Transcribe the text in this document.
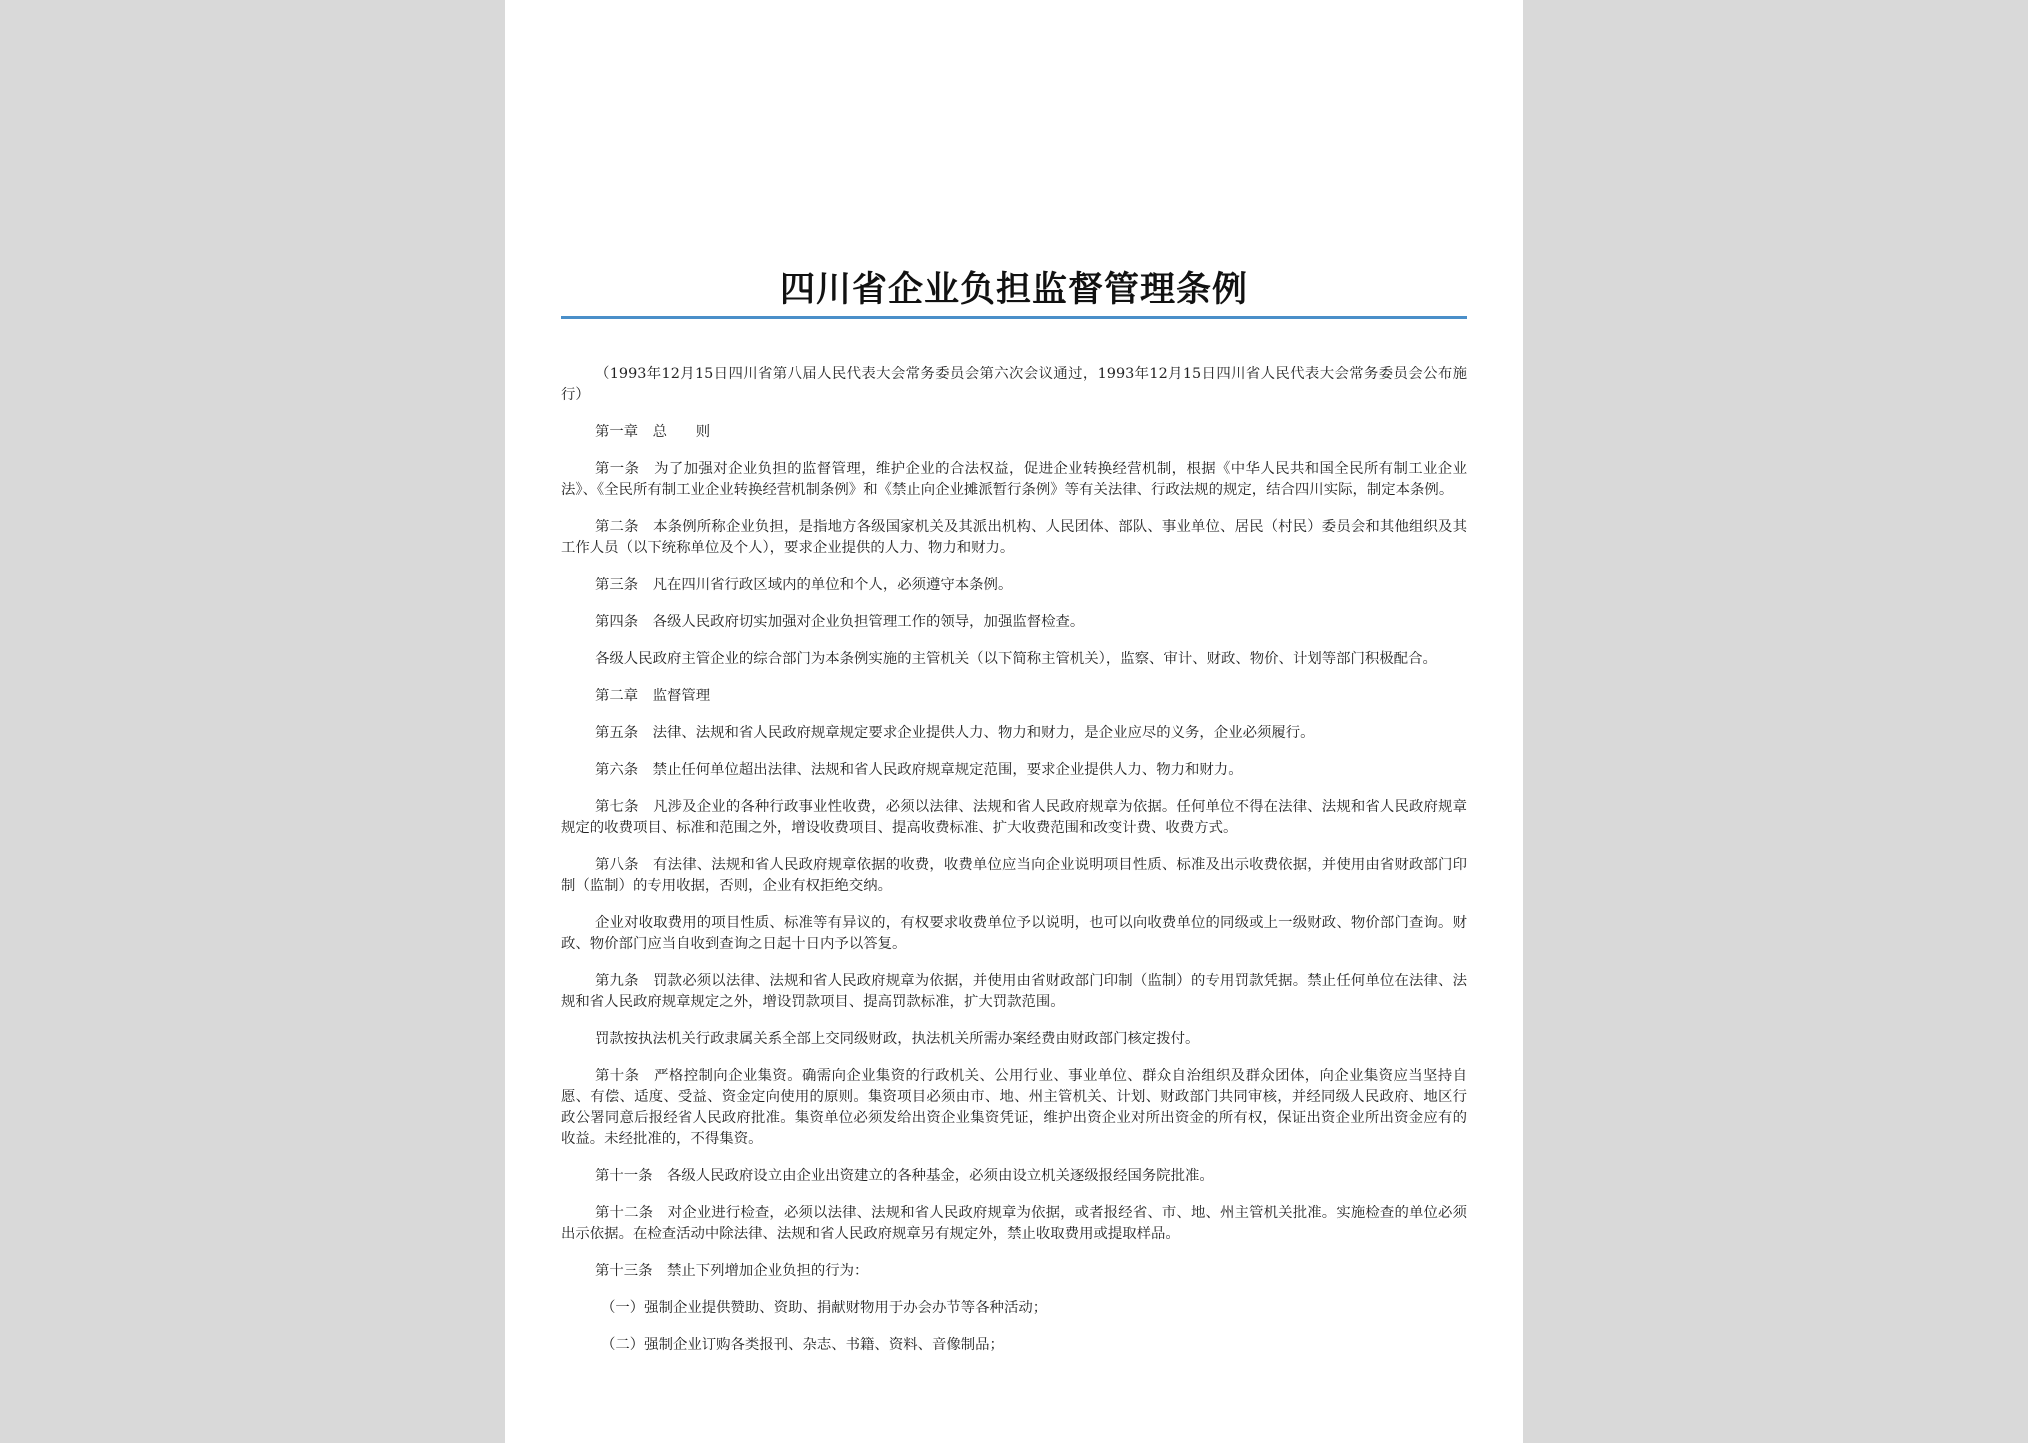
四川省企业负担监督管理条例

（1993年12月15日四川省第八届人民代表大会常务委员会第六次会议通过，1993年12月15日四川省人民代表大会常务委员会公布施行）

第一章　总　　则

第一条　为了加强对企业负担的监督管理，维护企业的合法权益，促进企业转换经营机制，根据《中华人民共和国全民所有制工业企业法》、《全民所有制工业企业转换经营机制条例》和《禁止向企业摊派暂行条例》等有关法律、行政法规的规定，结合四川实际，制定本条例。

第二条　本条例所称企业负担，是指地方各级国家机关及其派出机构、人民团体、部队、事业单位、居民（村民）委员会和其他组织及其工作人员（以下统称单位及个人），要求企业提供的人力、物力和财力。

第三条　凡在四川省行政区域内的单位和个人，必须遵守本条例。

第四条　各级人民政府切实加强对企业负担管理工作的领导，加强监督检查。

各级人民政府主管企业的综合部门为本条例实施的主管机关（以下简称主管机关），监察、审计、财政、物价、计划等部门积极配合。

第二章　监督管理

第五条　法律、法规和省人民政府规章规定要求企业提供人力、物力和财力，是企业应尽的义务，企业必须履行。

第六条　禁止任何单位超出法律、法规和省人民政府规章规定范围，要求企业提供人力、物力和财力。

第七条　凡涉及企业的各种行政事业性收费，必须以法律、法规和省人民政府规章为依据。任何单位不得在法律、法规和省人民政府规章规定的收费项目、标准和范围之外，增设收费项目、提高收费标准、扩大收费范围和改变计费、收费方式。

第八条　有法律、法规和省人民政府规章依据的收费，收费单位应当向企业说明项目性质、标准及出示收费依据，并使用由省财政部门印制（监制）的专用收据，否则，企业有权拒绝交纳。

企业对收取费用的项目性质、标准等有异议的，有权要求收费单位予以说明，也可以向收费单位的同级或上一级财政、物价部门查询。财政、物价部门应当自收到查询之日起十日内予以答复。

第九条　罚款必须以法律、法规和省人民政府规章为依据，并使用由省财政部门印制（监制）的专用罚款凭据。禁止任何单位在法律、法规和省人民政府规章规定之外，增设罚款项目、提高罚款标准，扩大罚款范围。

罚款按执法机关行政隶属关系全部上交同级财政，执法机关所需办案经费由财政部门核定拨付。

第十条　严格控制向企业集资。确需向企业集资的行政机关、公用行业、事业单位、群众自治组织及群众团体，向企业集资应当坚持自愿、有偿、适度、受益、资金定向使用的原则。集资项目必须由市、地、州主管机关、计划、财政部门共同审核，并经同级人民政府、地区行政公署同意后报经省人民政府批准。集资单位必须发给出资企业集资凭证，维护出资企业对所出资金的所有权，保证出资企业所出资金应有的收益。未经批准的，不得集资。

第十一条　各级人民政府设立由企业出资建立的各种基金，必须由设立机关逐级报经国务院批准。

第十二条　对企业进行检查，必须以法律、法规和省人民政府规章为依据，或者报经省、市、地、州主管机关批准。实施检查的单位必须出示依据。在检查活动中除法律、法规和省人民政府规章另有规定外，禁止收取费用或提取样品。

第十三条　禁止下列增加企业负担的行为：

（一）强制企业提供赞助、资助、捐献财物用于办会办节等各种活动；

（二）强制企业订购各类报刊、杂志、书籍、资料、音像制品；
